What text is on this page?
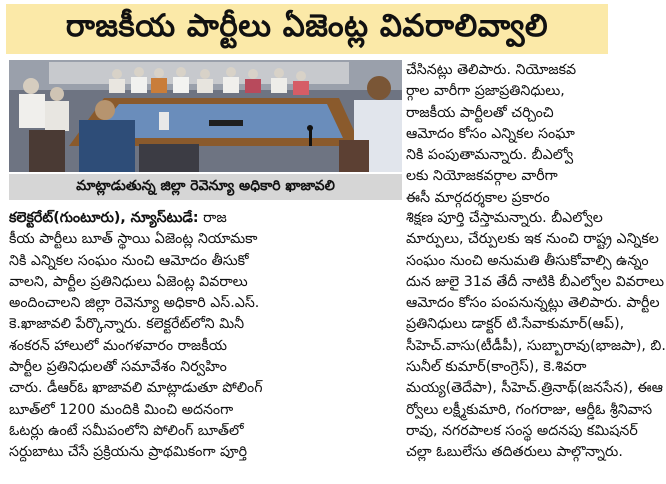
రాజకీయ పార్టీలు ఏజెంట్ల వివరాలివ్వాలి
మాట్లాడుతున్న జిల్లా రెవెన్యూ అధికారి ఖాజావలి
చేసినట్లు తెలిపారు. నియోజకవ
ర్గాల వారీగా ప్రజాప్రతినిధులు,
రాజకీయ పార్టీలతో చర్చించి
ఆమోదం కోసం ఎన్నికల సంఘా
నికి పంపుతామన్నారు. బీఎల్వో
లకు నియోజకవర్గాల వారీగా
ఈసీ మార్గదర్శకాల ప్రకారం
కలెక్టరేట్(గుంటూరు), న్యూస్‌టుడే: రాజ
కీయ పార్టీలు బూత్ స్థాయి ఏజెంట్ల నియామకా
నికి ఎన్నికల సంఘం నుంచి ఆమోదం తీసుకో
వాలని, పార్టీల ప్రతినిధులు ఏజెంట్ల వివరాలు
అందించాలని జిల్లా రెవెన్యూ అధికారి ఎస్.ఎస్.
కె.ఖాజావలి పేర్కొన్నారు. కలెక్టరేట్‌లోని మినీ
శంకరన్ హాలులో మంగళవారం రాజకీయ
పార్టీల ప్రతినిధులతో సమావేశం నిర్వహిం
చారు. డీఆర్‌ఓ ఖాజావలి మాట్లాడుతూ పోలింగ్
బూత్‌లో 1200 మందికి మించి అదనంగా
ఓటర్లు ఉంటే సమీపంలోని పోలింగ్ బూత్‌లో
సర్దుబాటు చేసే ప్రక్రియను ప్రాథమికంగా పూర్తి
శిక్షణ పూర్తి చేస్తామన్నారు. బీఎల్వోల
మార్పులు, చేర్పులకు ఇక నుంచి రాష్ట్ర ఎన్నికల
సంఘం నుంచి అనుమతి తీసుకోవాల్సి ఉన్నం
దున జులై 31వ తేదీ నాటికి బీఎల్వోల వివరాలు
ఆమోదం కోసం పంపనున్నట్లు తెలిపారు. పార్టీల
ప్రతినిధులు డాక్టర్ టి.సేవాకుమార్(ఆప్),
సీహెచ్.వాసు(టీడీపీ), సుబ్బారావు(భాజపా), బి.
సునీల్ కుమార్(కాంగ్రెస్), కె.శివరా
మయ్య(తెదేపా), సీహెచ్.త్రినాథ్(జనసేన), ఈఆ
ర్వోలు లక్ష్మీకుమారి, గంగరాజు, ఆర్డీఓ శ్రీనివాస
రావు, నగరపాలక సంస్థ అదనపు కమిషనర్
చల్లా ఓబులేసు తదితరులు పాల్గొన్నారు.
